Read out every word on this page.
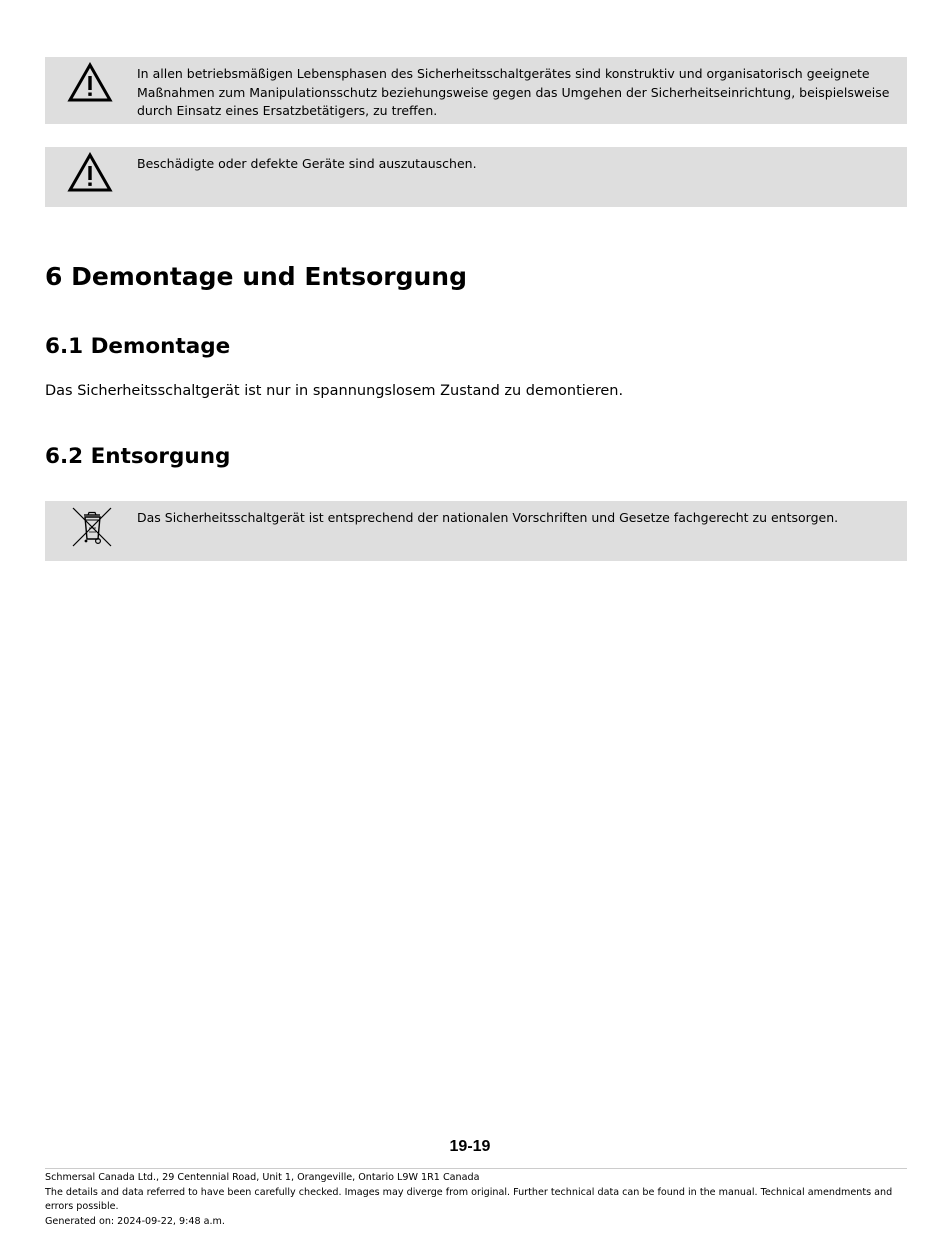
In allen betriebsmäßigen Lebensphasen des Sicherheitsschaltgerätes sind konstruktiv und organisatorisch geeignete Maßnahmen zum Manipulationsschutz beziehungsweise gegen das Umgehen der Sicherheitseinrichtung, beispielsweise durch Einsatz eines Ersatzbetätigers, zu treffen.
Beschädigte oder defekte Geräte sind auszutauschen.
6 Demontage und Entsorgung
6.1 Demontage

Das Sicherheitsschaltgerät ist nur in spannungslosem Zustand zu demontieren.

6.2 Entsorgung
Das Sicherheitsschaltgerät ist entsprechend der nationalen Vorschriften und Gesetze fachgerecht zu entsorgen.
19-19
Schmersal Canada Ltd., 29 Centennial Road, Unit 1, Orangeville, Ontario L9W 1R1 Canada
The details and data referred to have been carefully checked. Images may diverge from original. Further technical data can be found in the manual. Technical amendments and errors possible.
Generated on: 2024-09-22, 9:48 a.m.
